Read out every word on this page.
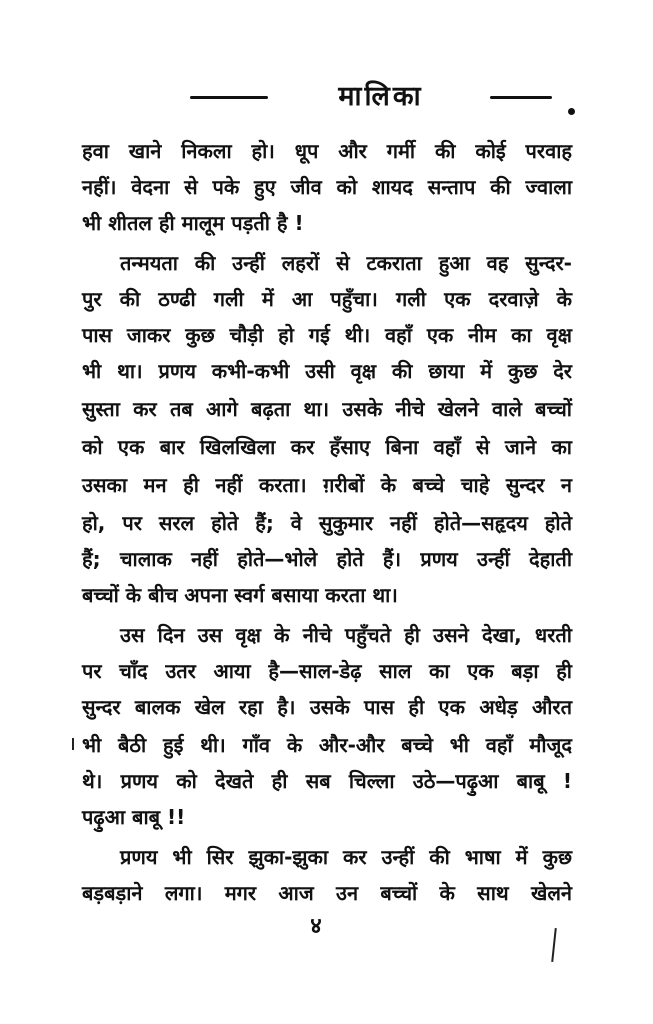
मालिका
हवा खाने निकला हो। धूप और गर्मी की कोई परवाह
नहीं। वेदना से पके हुए जीव को शायद सन्ताप की ज्वाला
भी शीतल ही मालूम पड़ती है !
तन्मयता की उन्हीं लहरों से टकराता हुआ वह सुन्दर-
पुर की ठण्ढी गली में आ पहुँचा। गली एक दरवाज़े के
पास जाकर कुछ चौड़ी हो गई थी। वहाँ एक नीम का वृक्ष
भी था। प्रणय कभी-कभी उसी वृक्ष की छाया में कुछ देर
सुस्ता कर तब आगे बढ़ता था। उसके नीचे खेलने वाले बच्चों
को एक बार खिलखिला कर हँसाए बिना वहाँ से जाने का
उसका मन ही नहीं करता। ग़रीबों के बच्चे चाहे सुन्दर न
हो, पर सरल होते हैं; वे सुकुमार नहीं होते—सहृदय होते
हैं; चालाक नहीं होते—भोले होते हैं। प्रणय उन्हीं देहाती
बच्चों के बीच अपना स्वर्ग बसाया करता था।
उस दिन उस वृक्ष के नीचे पहुँचते ही उसने देखा, धरती
पर चाँद उतर आया है—साल-डेढ़ साल का एक बड़ा ही
सुन्दर बालक खेल रहा है। उसके पास ही एक अधेड़ औरत
भी बैठी हुई थी। गाँव के और-और बच्चे भी वहाँ मौजूद
थे। प्रणय को देखते ही सब चिल्ला उठे—पढ़ुआ बाबू !
पढ़ुआ बाबू !!
प्रणय भी सिर झुका-झुका कर उन्हीं की भाषा में कुछ
बड़बड़ाने लगा। मगर आज उन बच्चों के साथ खेलने
४
